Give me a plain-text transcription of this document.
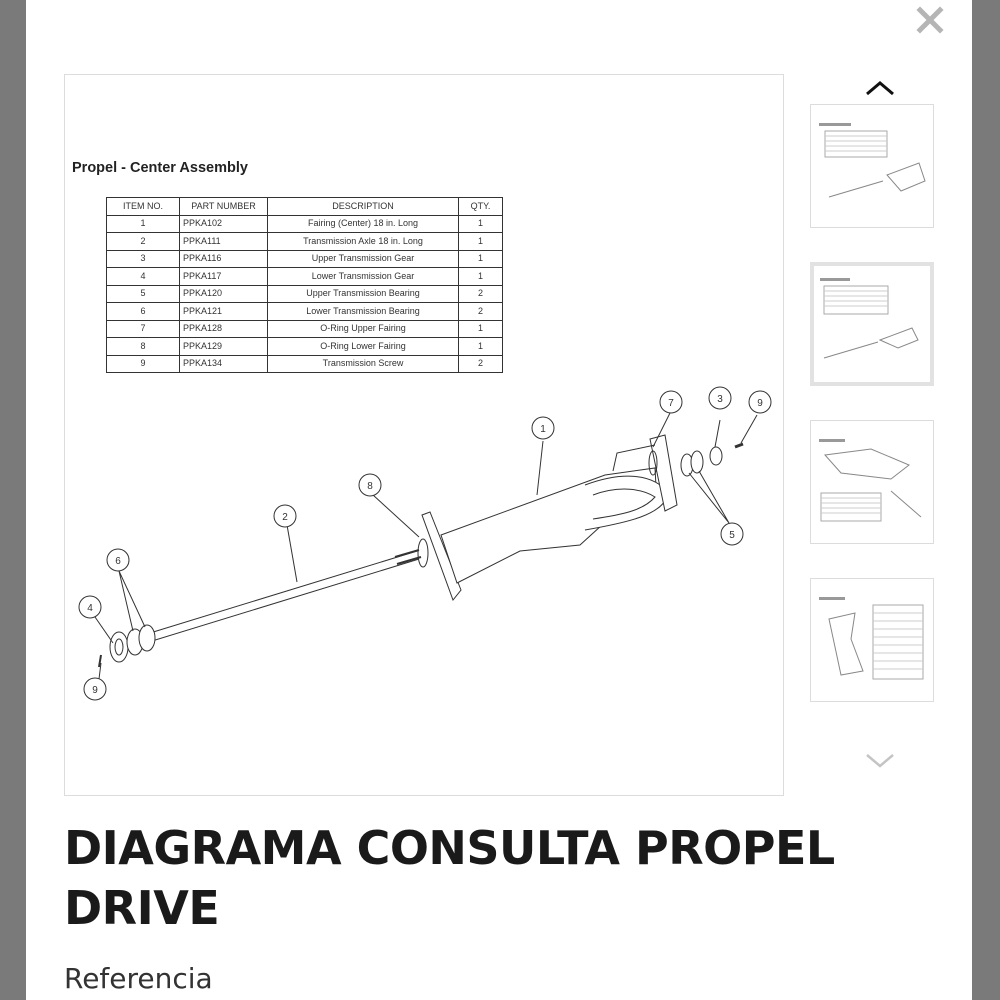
Propel - Center Assembly
ITEM NO.	PART NUMBER	DESCRIPTION	QTY.
1	PPKA102	Fairing (Center) 18 in. Long	1
2	PPKA111	Transmission Axle 18 in. Long	1
3	PPKA116	Upper Transmission Gear	1
4	PPKA117	Lower Transmission Gear	1
5	PPKA120	Upper Transmission Bearing	2
6	PPKA121	Lower Transmission Bearing	2
7	PPKA128	O-Ring Upper Fairing	1
8	PPKA129	O-Ring Lower Fairing	1
9	PPKA134	Transmission Screw	2
1
2
3
4
5
6
7
8
9
9
DIAGRAMA CONSULTA PROPEL DRIVE
Referencia
